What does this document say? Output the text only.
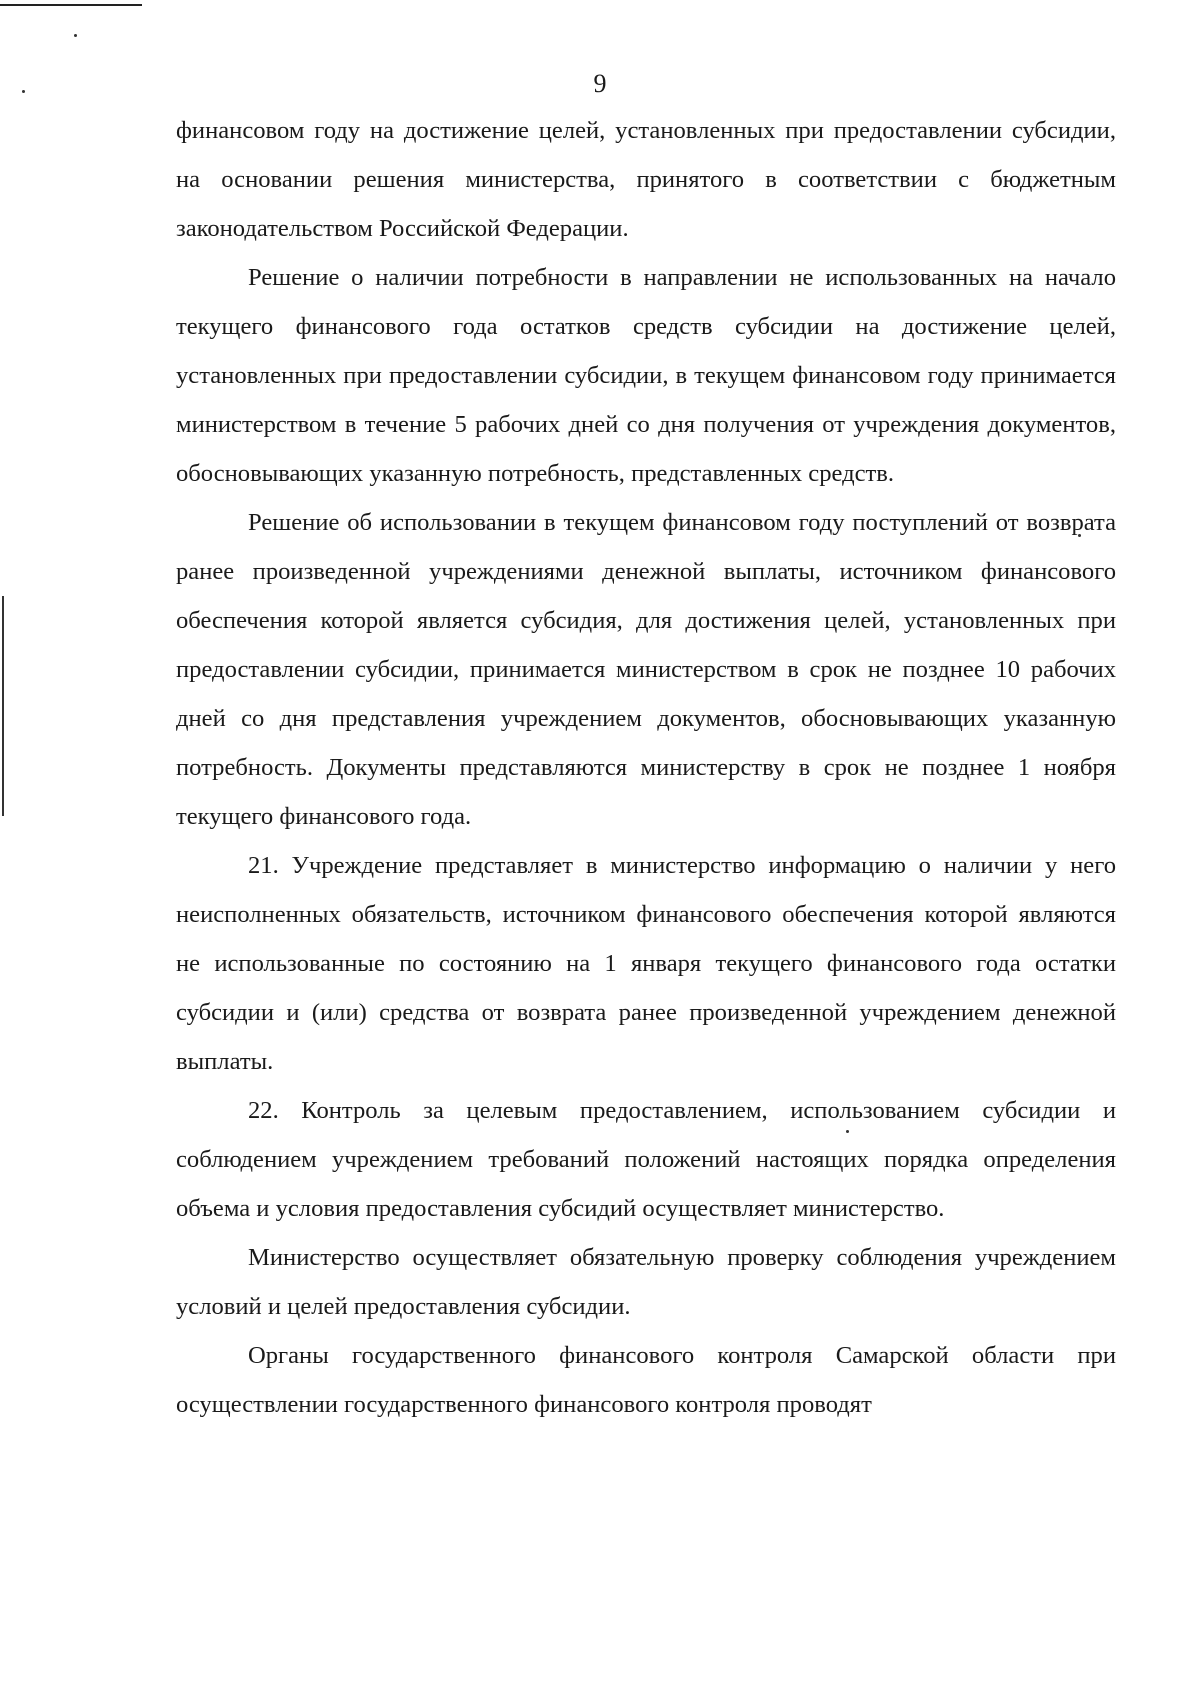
9

финансовом году на достижение целей, установленных при предоставлении субсидии, на основании решения министерства, принятого в соответствии с бюджетным законодательством Российской Федерации.

Решение о наличии потребности в направлении не использованных на начало текущего финансового года остатков средств субсидии на достижение целей, установленных при предоставлении субсидии, в текущем финансовом году принимается министерством в течение 5 рабочих дней со дня получения от учреждения документов, обосновывающих указанную потребность, представленных средств.

Решение об использовании в текущем финансовом году поступлений от возврата ранее произведенной учреждениями денежной выплаты, источником финансового обеспечения которой является субсидия, для достижения целей, установленных при предоставлении субсидии, принимается министерством в срок не позднее 10 рабочих дней со дня представления учреждением документов, обосновывающих указанную потребность. Документы представляются министерству в срок не позднее 1 ноября текущего финансового года.

21. Учреждение представляет в министерство информацию о наличии у него неисполненных обязательств, источником финансового обеспечения которой являются не использованные по состоянию на 1 января текущего финансового года остатки субсидии и (или) средства от возврата ранее произведенной учреждением денежной выплаты.

22. Контроль за целевым предоставлением, использованием субсидии и соблюдением учреждением требований положений настоящих порядка определения объема и условия предоставления субсидий осуществляет министерство.

Министерство осуществляет обязательную проверку соблюдения учреждением условий и целей предоставления субсидии.

Органы государственного финансового контроля Самарской области при осуществлении государственного финансового контроля проводят
